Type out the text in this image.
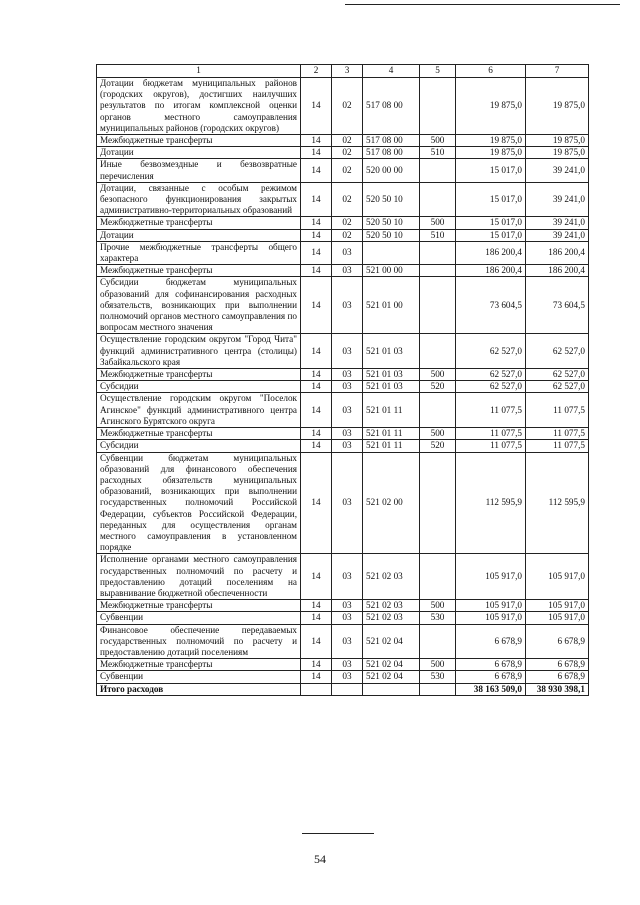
1	2	3	4	5	6	7
Дотации бюджетам муниципальных районов (городских округов), достигших наилучших результатов по итогам комплексной оценки органов местного самоуправления муниципальных районов (городских округов)	14	02	517 08 00		19 875,0	19 875,0
Межбюджетные трансферты	14	02	517 08 00	500	19 875,0	19 875,0
Дотации	14	02	517 08 00	510	19 875,0	19 875,0
Иные безвозмездные и безвозвратные перечисления	14	02	520 00 00		15 017,0	39 241,0
Дотации, связанные с особым режимом безопасного функционирования закрытых административно-территориальных образований	14	02	520 50 10		15 017,0	39 241,0
Межбюджетные трансферты	14	02	520 50 10	500	15 017,0	39 241,0
Дотации	14	02	520 50 10	510	15 017,0	39 241,0
Прочие межбюджетные трансферты общего характера	14	03			186 200,4	186 200,4
Межбюджетные трансферты	14	03	521 00 00		186 200,4	186 200,4
Субсидии бюджетам муниципальных образований для софинансирования расходных обязательств, возникающих при выполнении полномочий органов местного самоуправления по вопросам местного значения	14	03	521 01 00		73 604,5	73 604,5
Осуществление городским округом "Город Чита" функций административного центра (столицы) Забайкальского края	14	03	521 01 03		62 527,0	62 527,0
Межбюджетные трансферты	14	03	521 01 03	500	62 527,0	62 527,0
Субсидии	14	03	521 01 03	520	62 527,0	62 527,0
Осуществление городским округом "Поселок Агинское" функций административного центра Агинского Бурятского округа	14	03	521 01 11		11 077,5	11 077,5
Межбюджетные трансферты	14	03	521 01 11	500	11 077,5	11 077,5
Субсидии	14	03	521 01 11	520	11 077,5	11 077,5
Субвенции бюджетам муниципальных образований для финансового обеспечения расходных обязательств муниципальных образований, возникающих при выполнении государственных полномочий Российской Федерации, субъектов Российской Федерации, переданных для осуществления органам местного самоуправления в установленном порядке	14	03	521 02 00		112 595,9	112 595,9
Исполнение органами местного самоуправления государственных полномочий по расчету и предоставлению дотаций поселениям на выравнивание бюджетной обеспеченности	14	03	521 02 03		105 917,0	105 917,0
Межбюджетные трансферты	14	03	521 02 03	500	105 917,0	105 917,0
Субвенции	14	03	521 02 03	530	105 917,0	105 917,0
Финансовое обеспечение передаваемых государственных полномочий по расчету и предоставлению дотаций поселениям	14	03	521 02 04		6 678,9	6 678,9
Межбюджетные трансферты	14	03	521 02 04	500	6 678,9	6 678,9
Субвенции	14	03	521 02 04	530	6 678,9	6 678,9
Итого расходов					38 163 509,0	38 930 398,1
54
